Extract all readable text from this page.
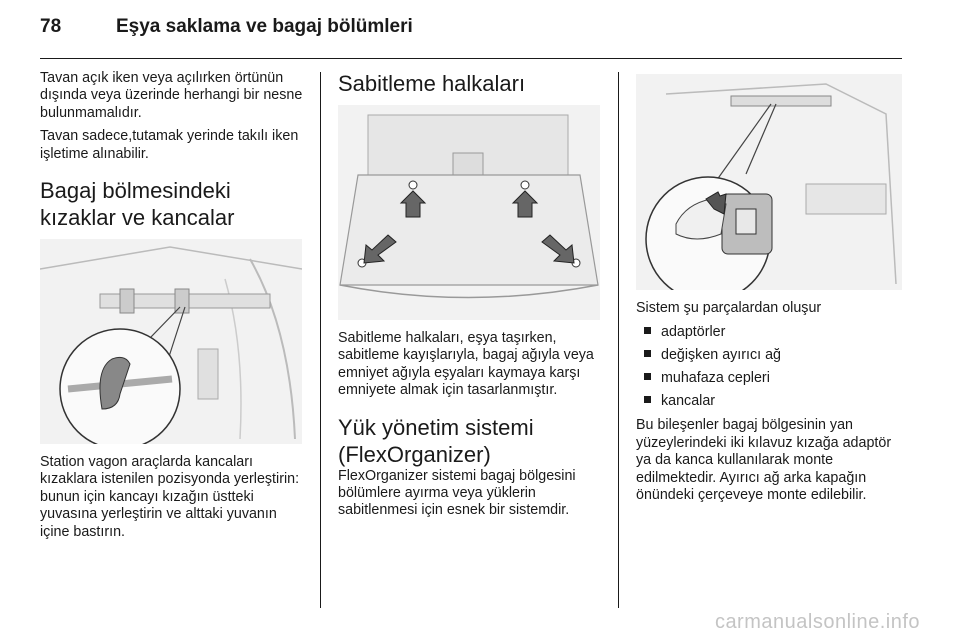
78	Eşya saklama ve bagaj bölümleri

Tavan açık iken veya açılırken örtünün dışında veya üzerinde herhangi bir nesne bulunmamalıdır.

Tavan sadece,tutamak yerinde takılı iken işletime alınabilir.

Bagaj bölmesindeki kızaklar ve kancalar

Station vagon araçlarda kancaları kızaklara istenilen pozisyonda yerleştirin: bunun için kancayı kızağın üstteki yuvasına yerleştirin ve alttaki yuvanın içine bastırın.

Sabitleme halkaları

Sabitleme halkaları, eşya taşırken, sabitleme kayışlarıyla, bagaj ağıyla veya emniyet ağıyla eşyaları kaymaya karşı emniyete almak için tasarlanmıştır.

Yük yönetim sistemi (FlexOrganizer)

FlexOrganizer sistemi bagaj bölgesini bölümlere ayırma veya yüklerin sabitlenmesi için esnek bir sistemdir.

Sistem şu parçalardan oluşur

adaptörler
değişken ayırıcı ağ
muhafaza cepleri
kancalar

Bu bileşenler bagaj bölgesinin yan yüzeylerindeki iki kılavuz kızağa adaptör ya da kanca kullanılarak monte edilmektedir. Ayırıcı ağ arka kapağın önündeki çerçeveye monte edilebilir.

carmanualsonline.info
